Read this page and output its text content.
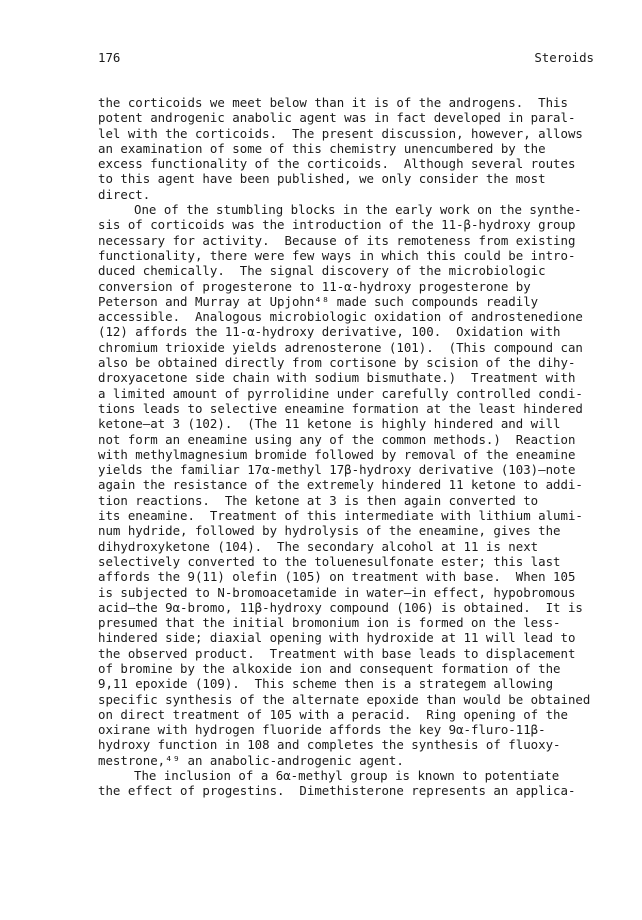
176	Steroids
the corticoids we meet below than it is of the androgens.  This
potent androgenic anabolic agent was in fact developed in paral-
lel with the corticoids.  The present discussion, however, allows
an examination of some of this chemistry unencumbered by the
excess functionality of the corticoids.  Although several routes
to this agent have been published, we only consider the most
direct.
One of the stumbling blocks in the early work on the synthe-
sis of corticoids was the introduction of the 11-β-hydroxy group
necessary for activity.  Because of its remoteness from existing
functionality, there were few ways in which this could be intro-
duced chemically.  The signal discovery of the microbiologic
conversion of progesterone to 11-α-hydroxy progesterone by
Peterson and Murray at Upjohn⁴⁸ made such compounds readily
accessible.  Analogous microbiologic oxidation of androstenedione
(12) affords the 11-α-hydroxy derivative, 100.  Oxidation with
chromium trioxide yields adrenosterone (101).  (This compound can
also be obtained directly from cortisone by scision of the dihy-
droxyacetone side chain with sodium bismuthate.)  Treatment with
a limited amount of pyrrolidine under carefully controlled condi-
tions leads to selective eneamine formation at the least hindered
ketone—at 3 (102).  (The 11 ketone is highly hindered and will
not form an eneamine using any of the common methods.)  Reaction
with methylmagnesium bromide followed by removal of the eneamine
yields the familiar 17α-methyl 17β-hydroxy derivative (103)—note
again the resistance of the extremely hindered 11 ketone to addi-
tion reactions.  The ketone at 3 is then again converted to
its eneamine.  Treatment of this intermediate with lithium alumi-
num hydride, followed by hydrolysis of the eneamine, gives the
dihydroxyketone (104).  The secondary alcohol at 11 is next
selectively converted to the toluenesulfonate ester; this last
affords the 9(11) olefin (105) on treatment with base.  When 105
is subjected to N-bromoacetamide in water—in effect, hypobromous
acid—the 9α-bromo, 11β-hydroxy compound (106) is obtained.  It is
presumed that the initial bromonium ion is formed on the less-
hindered side; diaxial opening with hydroxide at 11 will lead to
the observed product.  Treatment with base leads to displacement
of bromine by the alkoxide ion and consequent formation of the
9,11 epoxide (109).  This scheme then is a strategem allowing
specific synthesis of the alternate epoxide than would be obtained
on direct treatment of 105 with a peracid.  Ring opening of the
oxirane with hydrogen fluoride affords the key 9α-fluro-11β-
hydroxy function in 108 and completes the synthesis of fluoxy-
mestrone,⁴⁹ an anabolic-androgenic agent.
The inclusion of a 6α-methyl group is known to potentiate
the effect of progestins.  Dimethisterone represents an applica-
